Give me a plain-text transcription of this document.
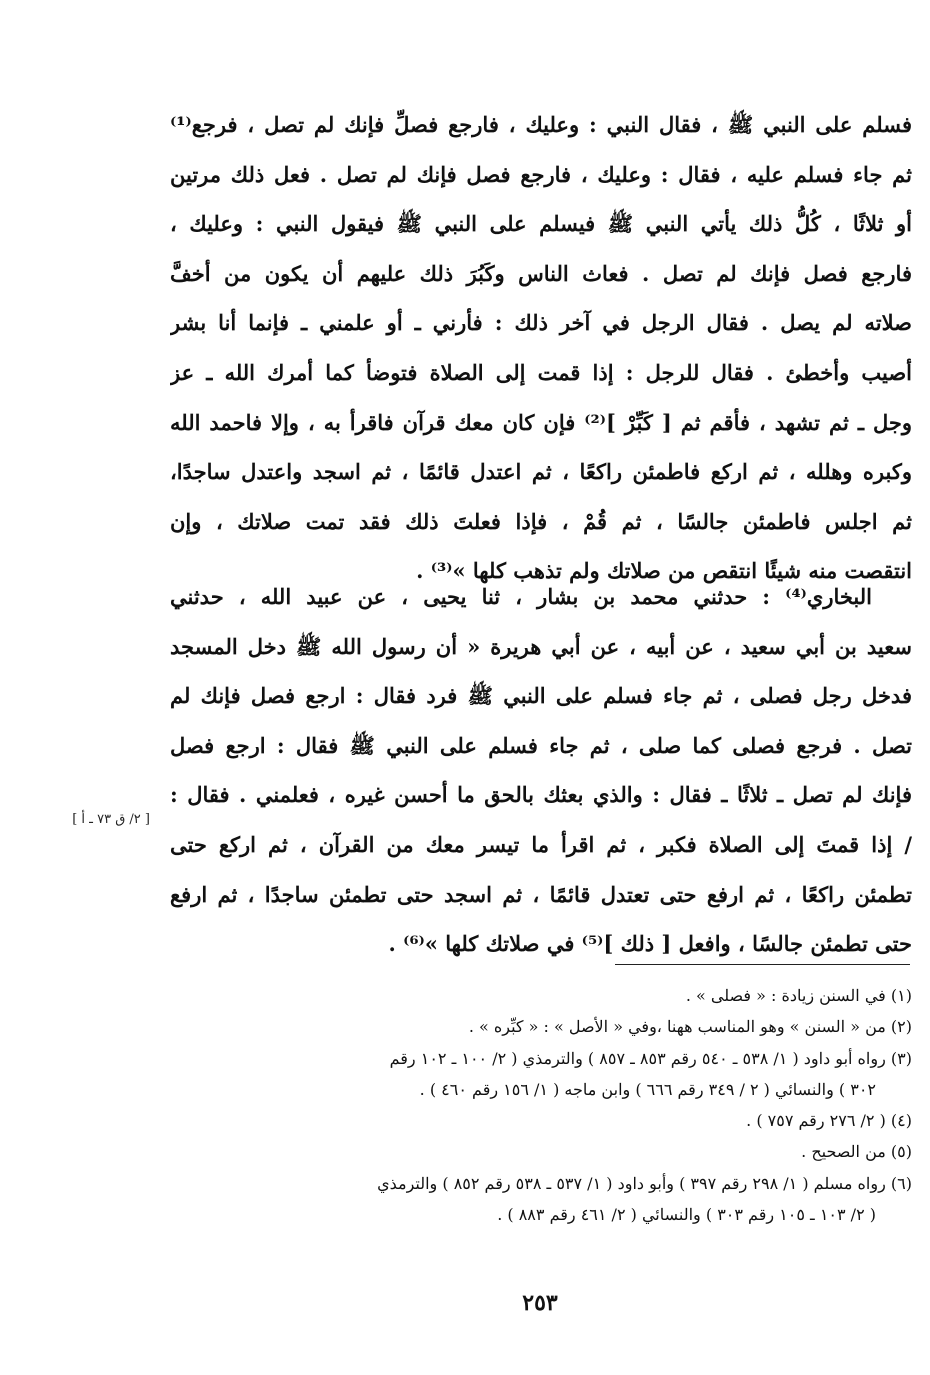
فسلم على النبي ﷺ ، فقال النبي : وعليك ، فارجع فصلِّ فإنك لم تصل ، فرجع⁽¹⁾
ثم جاء فسلم عليه ، فقال : وعليك ، فارجع فصل فإنك لم تصل . فعل ذلك مرتين
أو ثلاثًا ، كُلُّ ذلك يأتي النبي ﷺ فيسلم على النبي ﷺ فيقول النبي : وعليك ،
فارجع فصل فإنك لم تصل . فعاث الناس وكَبُرَ ذلك عليهم أن يكون من أخفَّ
صلاته لم يصل . فقال الرجل في آخر ذلك : فأرني ـ أو علمني ـ فإنما أنا بشر
أصيب وأخطئ . فقال للرجل : إذا قمت إلى الصلاة فتوضأ كما أمرك الله ـ عز
وجل ـ ثم تشهد ، فأقم ثم [ كَبِّرْ ]⁽²⁾ فإن كان معك قرآن فاقرأ به ، وإلا فاحمد الله
وكبره وهلله ، ثم اركع فاطمئن راكعًا ، ثم اعتدل قائمًا ، ثم اسجد واعتدل ساجدًا،
ثم اجلس فاطمئن جالسًا ، ثم قُمْ ، فإذا فعلتَ ذلك فقد تمت صلاتك ، وإن
انتقصت منه شيئًا انتقص من صلاتك ولم تذهب كلها »⁽³⁾ .
البخاري⁽⁴⁾ : حدثني محمد بن بشار ، ثنا يحيى ، عن عبيد الله ، حدثني
سعيد بن أبي سعيد ، عن أبيه ، عن أبي هريرة « أن رسول الله ﷺ دخل المسجد
فدخل رجل فصلى ، ثم جاء فسلم على النبي ﷺ فرد فقال : ارجع فصل فإنك لم
تصل . فرجع فصلى كما صلى ، ثم جاء فسلم على النبي ﷺ فقال : ارجع فصل
فإنك لم تصل ـ ثلاثًا ـ فقال : والذي بعثك بالحق ما أحسن غيره ، فعلمني . فقال :
/ إذا قمتَ إلى الصلاة فكبر ، ثم اقرأ ما تيسر معك من القرآن ، ثم اركع حتى
تطمئن راكعًا ، ثم ارفع حتى تعتدل قائمًا ، ثم اسجد حتى تطمئن ساجدًا ، ثم ارفع
حتى تطمئن جالسًا ، وافعل [ ذلك ]⁽⁵⁾ في صلاتك كلها »⁽⁶⁾ .
[ ٢/ ق ٧٣ ـ أ ]
(١) في السنن زيادة : « فصلى » .
(٢) من « السنن » وهو المناسب ههنا ،وفي « الأصل » : « كبِّره » .
(٣) رواه أبو داود ( ١/ ٥٣٨ ـ ٥٤٠ رقم ٨٥٣ ـ ٨٥٧ ) والترمذي ( ٢/ ١٠٠ ـ ١٠٢ رقم
٣٠٢ ) والنسائي ( ٢ / ٣٤٩ رقم ٦٦٦ ) وابن ماجه ( ١/ ١٥٦ رقم ٤٦٠ ) .
(٤) ( ٢/ ٢٧٦ رقم ٧٥٧ ) .
(٥) من الصحيح .
(٦) رواه مسلم ( ١/ ٢٩٨ رقم ٣٩٧ ) وأبو داود ( ١/ ٥٣٧ ـ ٥٣٨ رقم ٨٥٢ ) والترمذي
( ٢/ ١٠٣ ـ ١٠٥ رقم ٣٠٣ ) والنسائي ( ٢/ ٤٦١ رقم ٨٨٣ ) .
٢٥٣
